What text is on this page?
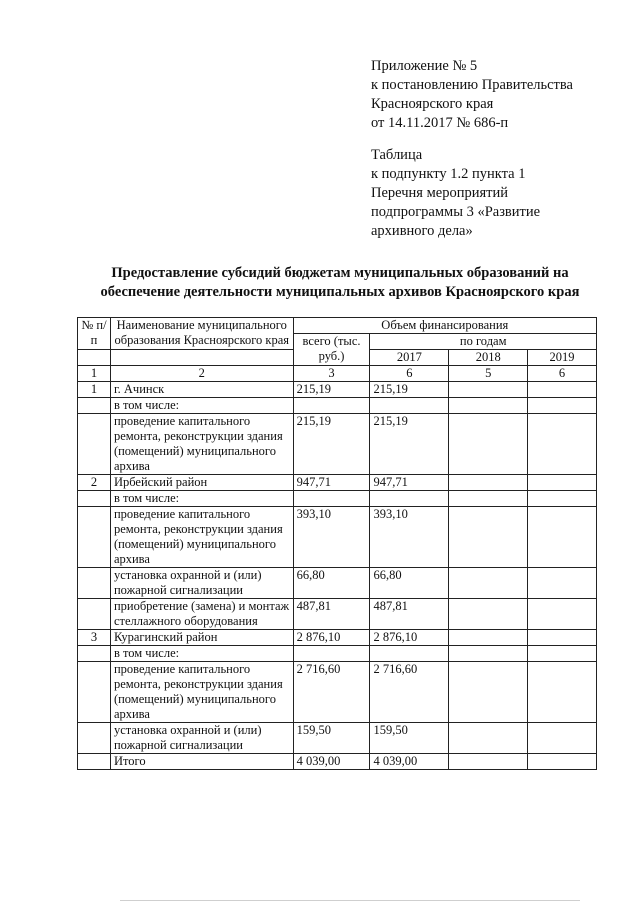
Приложение № 5
к постановлению Правительства
Красноярского края
от 14.11.2017 № 686-п
Таблица
к подпункту 1.2 пункта 1
Перечня мероприятий
подпрограммы 3 «Развитие
архивного дела»
Предоставление субсидий бюджетам муниципальных образований на
обеспечение деятельности муниципальных архивов Красноярского края
№ п/п	Наименование муниципального образования Красноярского края	Объем финансирования			
		всего (тыс. руб.)	по годам		
			2017	2018	2019
1	2	3	6	5	6
1	г. Ачинск	215,19	215,19		
	в том числе:				
	проведение капитального ремонта, реконструкции здания (помещений) муниципального архива	215,19	215,19		
2	Ирбейский район	947,71	947,71		
	в том числе:				
	проведение капитального ремонта, реконструкции здания (помещений) муниципального архива	393,10	393,10		
	установка охранной и (или) пожарной сигнализации	66,80	66,80		
	приобретение (замена) и монтаж стеллажного оборудования	487,81	487,81		
3	Курагинский район	2 876,10	2 876,10		
	в том числе:				
	проведение капитального ремонта, реконструкции здания (помещений) муниципального архива	2 716,60	2 716,60		
	установка охранной и (или) пожарной сигнализации	159,50	159,50		
	Итого	4 039,00	4 039,00		
